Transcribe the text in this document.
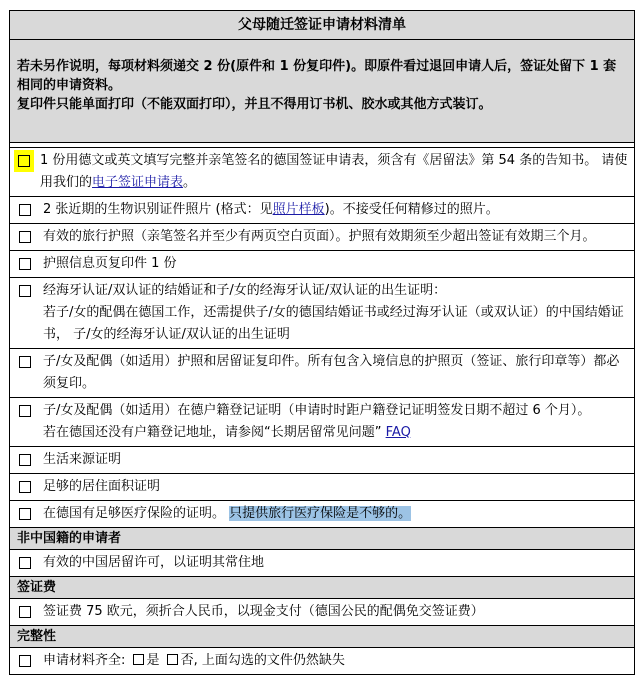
父母随迁签证申请材料清单

若未另作说明，每项材料须递交 2 份(原件和 1 份复印件)。即原件看过退回申请人后，签证处留下 1 套相同的申请资料。

复印件只能单面打印（不能双面打印），并且不得用订书机、胶水或其他方式装订。

1 份用德文或英文填写完整并亲笔签名的德国签证申请表，须含有《居留法》第 54 条的告知书。 请使用我们的电子签证申请表。
2 张近期的生物识别证件照片 (格式：见照片样板)。不接受任何精修过的照片。
有效的旅行护照（亲笔签名并至少有两页空白页面）。护照有效期须至少超出签证有效期三个月。
护照信息页复印件 1 份
经海牙认证/双认证的结婚证和子/女的经海牙认证/双认证的出生证明：
若子/女的配偶在德国工作，还需提供子/女的德国结婚证书或经过海牙认证（或双认证）的中国结婚证书， 子/女的经海牙认证/双认证的出生证明
子/女及配偶（如适用）护照和居留证复印件。所有包含入境信息的护照页（签证、旅行印章等）都必须复印。
子/女及配偶（如适用）在德户籍登记证明（申请时时距户籍登记证明签发日期不超过 6 个月）。
若在德国还没有户籍登记地址，请参阅“长期居留常见问题” FAQ
生活来源证明
足够的居住面积证明
在德国有足够医疗保险的证明。 只提供旅行医疗保险是不够的。
非中国籍的申请者
有效的中国居留许可，以证明其常住地
签证费
签证费 75 欧元，须折合人民币，以现金支付（德国公民的配偶免交签证费）
完整性
申请材料齐全: 是 否, 上面勾选的文件仍然缺失
